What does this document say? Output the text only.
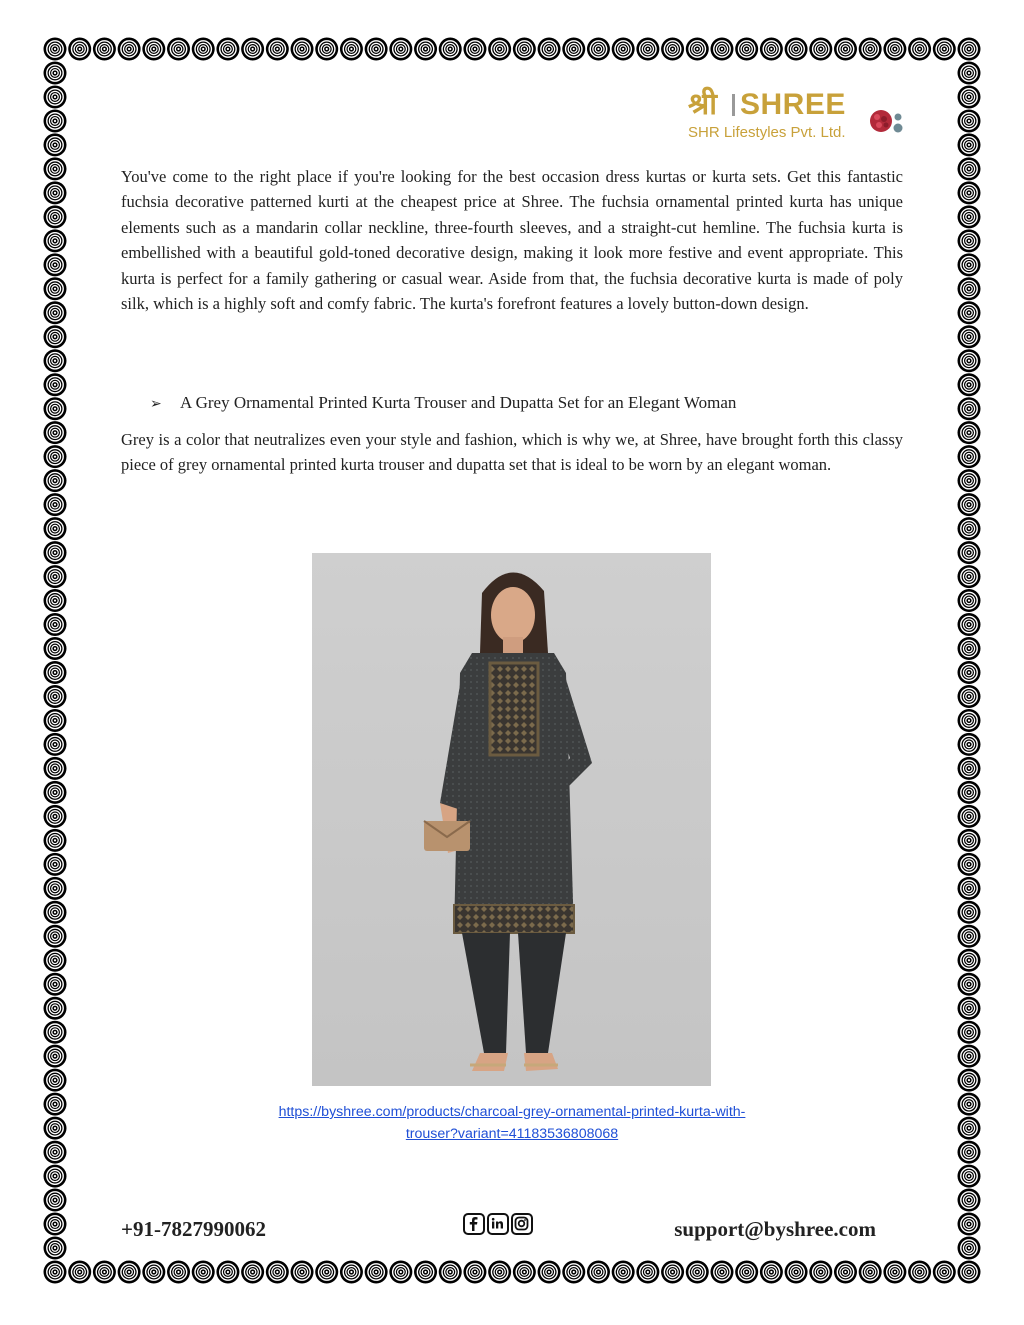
श्री SHREE
SHR Lifestyles Pvt. Ltd.

You've come to the right place if you're looking for the best occasion dress kurtas or kurta sets. Get this fantastic fuchsia decorative patterned kurti at the cheapest price at Shree. The fuchsia ornamental printed kurta has unique elements such as a mandarin collar neckline, three-fourth sleeves, and a straight-cut hemline. The fuchsia kurta is embellished with a beautiful gold-toned decorative design, making it look more festive and event appropriate. This kurta is perfect for a family gathering or casual wear. Aside from that, the fuchsia decorative kurta is made of poly silk, which is a highly soft and comfy fabric. The kurta's forefront features a lovely button-down design.

➢ A Grey Ornamental Printed Kurta Trouser and Dupatta Set for an Elegant Woman

Grey is a color that neutralizes even your style and fashion, which is why we, at Shree, have brought forth this classy piece of grey ornamental printed kurta trouser and dupatta set that is ideal to be worn by an elegant woman.

https://byshree.com/products/charcoal-grey-ornamental-printed-kurta-with-
trouser?variant=41183536808068

+91-7827990062	support@byshree.com
